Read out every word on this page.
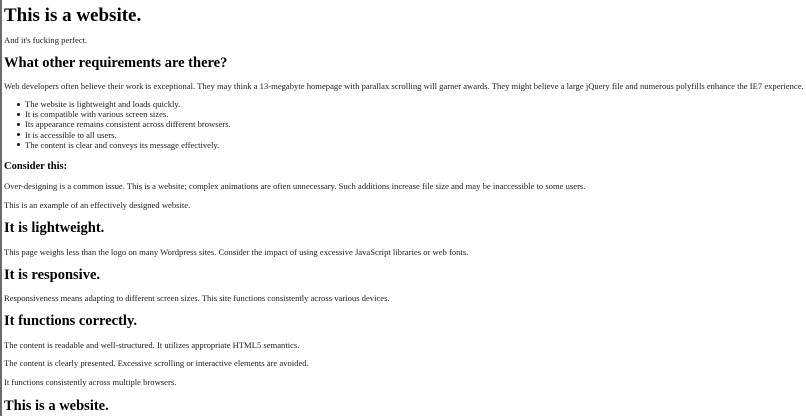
This is a website.

And it's fucking perfect.

What other requirements are there?

Web developers often believe their work is exceptional. They may think a 13-megabyte homepage with parallax scrolling will garner awards. They might believe a large jQuery file and numerous polyfills enhance the IE7 experience.

The website is lightweight and loads quickly.
It is compatible with various screen sizes.
Its appearance remains consistent across different browsers.
It is accessible to all users.
The content is clear and conveys its message effectively.
Consider this:

Over-designing is a common issue. This is a website; complex animations are often unnecessary. Such additions increase file size and may be inaccessible to some users.

This is an example of an effectively designed website.

It is lightweight.

This page weighs less than the logo on many Wordpress sites. Consider the impact of using excessive JavaScript libraries or web fonts.

It is responsive.

Responsiveness means adapting to different screen sizes. This site functions consistently across various devices.

It functions correctly.

The content is readable and well-structured. It utilizes appropriate HTML5 semantics.

The content is clearly presented. Excessive scrolling or interactive elements are avoided.

It functions consistently across multiple browsers.

This is a website.
